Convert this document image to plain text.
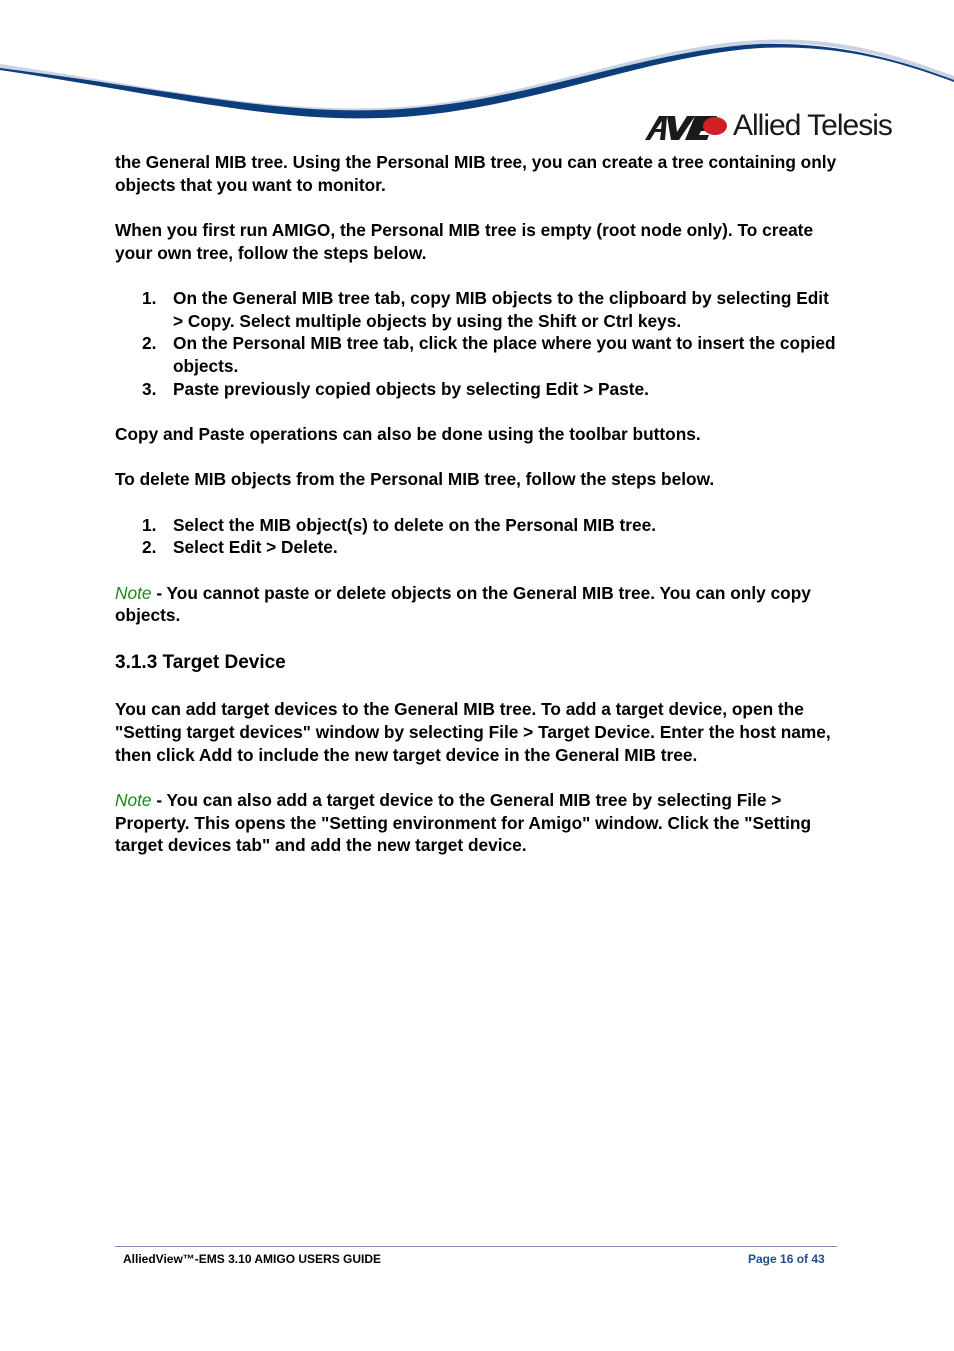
Allied Telesis

the General MIB tree. Using the Personal MIB tree, you can create a tree containing only objects that you want to monitor.

When you first run AMIGO, the Personal MIB tree is empty (root node only). To create your own tree, follow the steps below.

1. On the General MIB tree tab, copy MIB objects to the clipboard by selecting Edit > Copy. Select multiple objects by using the Shift or Ctrl keys.
2. On the Personal MIB tree tab, click the place where you want to insert the copied objects.
3. Paste previously copied objects by selecting Edit > Paste.

Copy and Paste operations can also be done using the toolbar buttons.

To delete MIB objects from the Personal MIB tree, follow the steps below.

1. Select the MIB object(s) to delete on the Personal MIB tree.
2. Select Edit > Delete.

Note - You cannot paste or delete objects on the General MIB tree. You can only copy objects.

3.1.3 Target Device

You can add target devices to the General MIB tree. To add a target device, open the "Setting target devices" window by selecting File > Target Device. Enter the host name, then click Add to include the new target device in the General MIB tree.

Note - You can also add a target device to the General MIB tree by selecting File > Property. This opens the "Setting environment for Amigo" window. Click the "Setting target devices tab" and add the new target device.

AlliedView™-EMS 3.10 AMIGO USERS GUIDE	Page 16 of 43
